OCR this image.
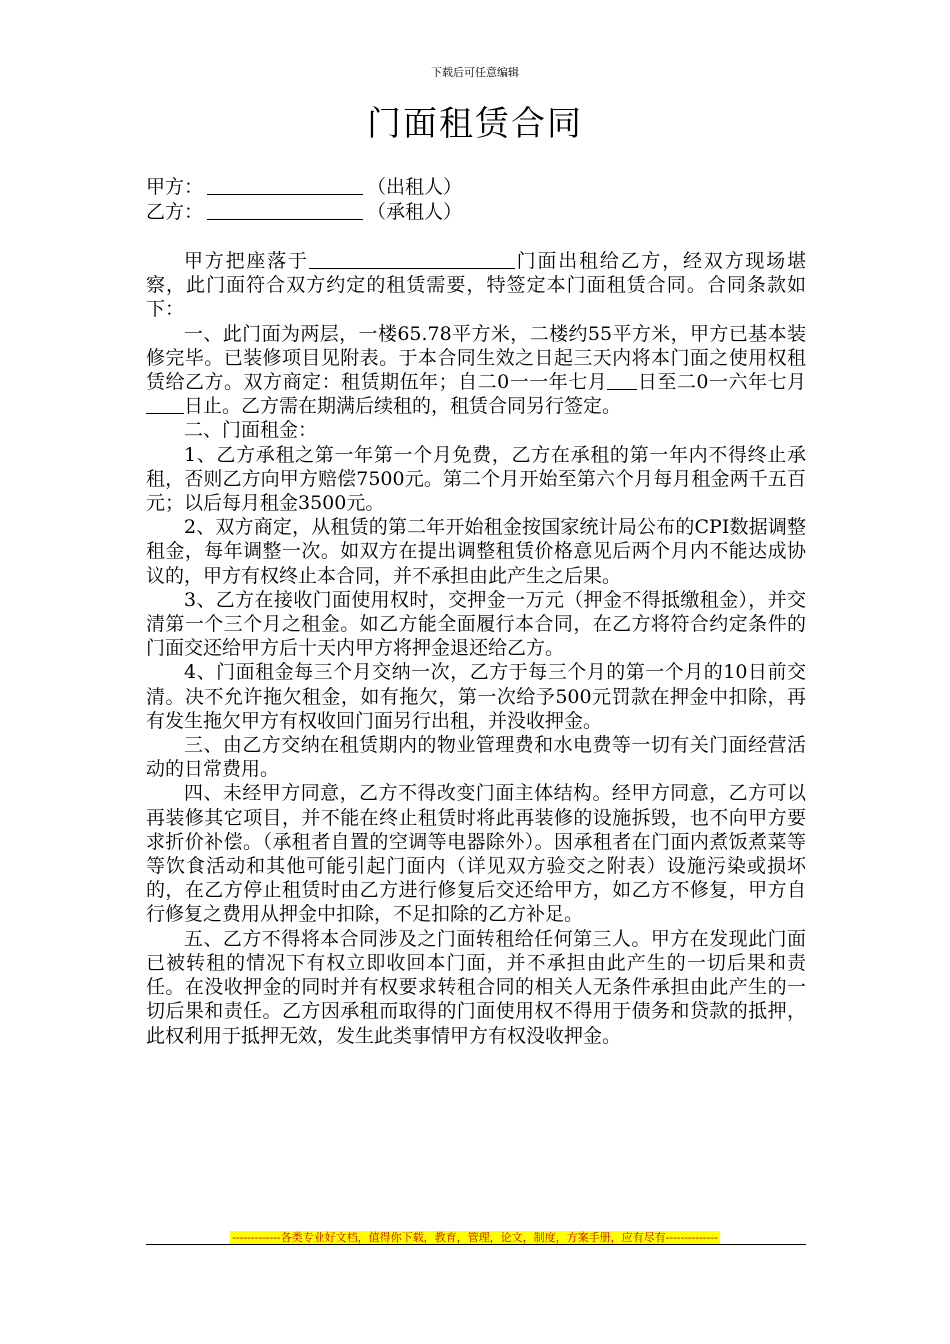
下载后可任意编辑
门面租赁合同
甲方：	（出租人）
乙方：	（承租人）

甲方把座落于	门面出租给乙方，经双方现场堪察，此门面符合双方约定的租赁需要，特签定本门面租赁合同。合同条款如下：

一、此门面为两层，一楼65.78平方米，二楼约55平方米，甲方已基本装修完毕。已装修项目见附表。于本合同生效之日起三天内将本门面之使用权租赁给乙方。双方商定：租赁期伍年；自二0一一年七月 日至二0一六年七月日止。乙方需在期满后续租的，租赁合同另行签定。

二、门面租金：

1、乙方承租之第一年第一个月免费，乙方在承租的第一年内不得终止承租，否则乙方向甲方赔偿7500元。第二个月开始至第六个月每月租金两千五百元；以后每月租金3500元。

2、双方商定，从租赁的第二年开始租金按国家统计局公布的CPI数据调整租金，每年调整一次。如双方在提出调整租赁价格意见后两个月内不能达成协议的，甲方有权终止本合同，并不承担由此产生之后果。

3、乙方在接收门面使用权时，交押金一万元（押金不得抵缴租金），并交清第一个三个月之租金。如乙方能全面履行本合同，在乙方将符合约定条件的门面交还给甲方后十天内甲方将押金退还给乙方。

4、门面租金每三个月交纳一次，乙方于每三个月的第一个月的10日前交清。决不允许拖欠租金，如有拖欠，第一次给予500元罚款在押金中扣除，再有发生拖欠甲方有权收回门面另行出租，并没收押金。

三、由乙方交纳在租赁期内的物业管理费和水电费等一切有关门面经营活动的日常费用。

四、未经甲方同意，乙方不得改变门面主体结构。经甲方同意，乙方可以再装修其它项目，并不能在终止租赁时将此再装修的设施拆毁，也不向甲方要求折价补偿。（承租者自置的空调等电器除外）。因承租者在门面内煮饭煮菜等等饮食活动和其他可能引起门面内（详见双方验交之附表）设施污染或损坏的，在乙方停止租赁时由乙方进行修复后交还给甲方，如乙方不修复，甲方自行修复之费用从押金中扣除，不足扣除的乙方补足。

五、乙方不得将本合同涉及之门面转租给任何第三人。甲方在发现此门面已被转租的情况下有权立即收回本门面，并不承担由此产生的一切后果和责任。在没收押金的同时并有权要求转租合同的相关人无条件承担由此产生的一切后果和责任。乙方因承租而取得的门面使用权不得用于债务和贷款的抵押，此权利用于抵押无效，发生此类事情甲方有权没收押金。

-------------各类专业好文档，值得你下载，教育，管理，论文，制度，方案手册，应有尽有--------------
